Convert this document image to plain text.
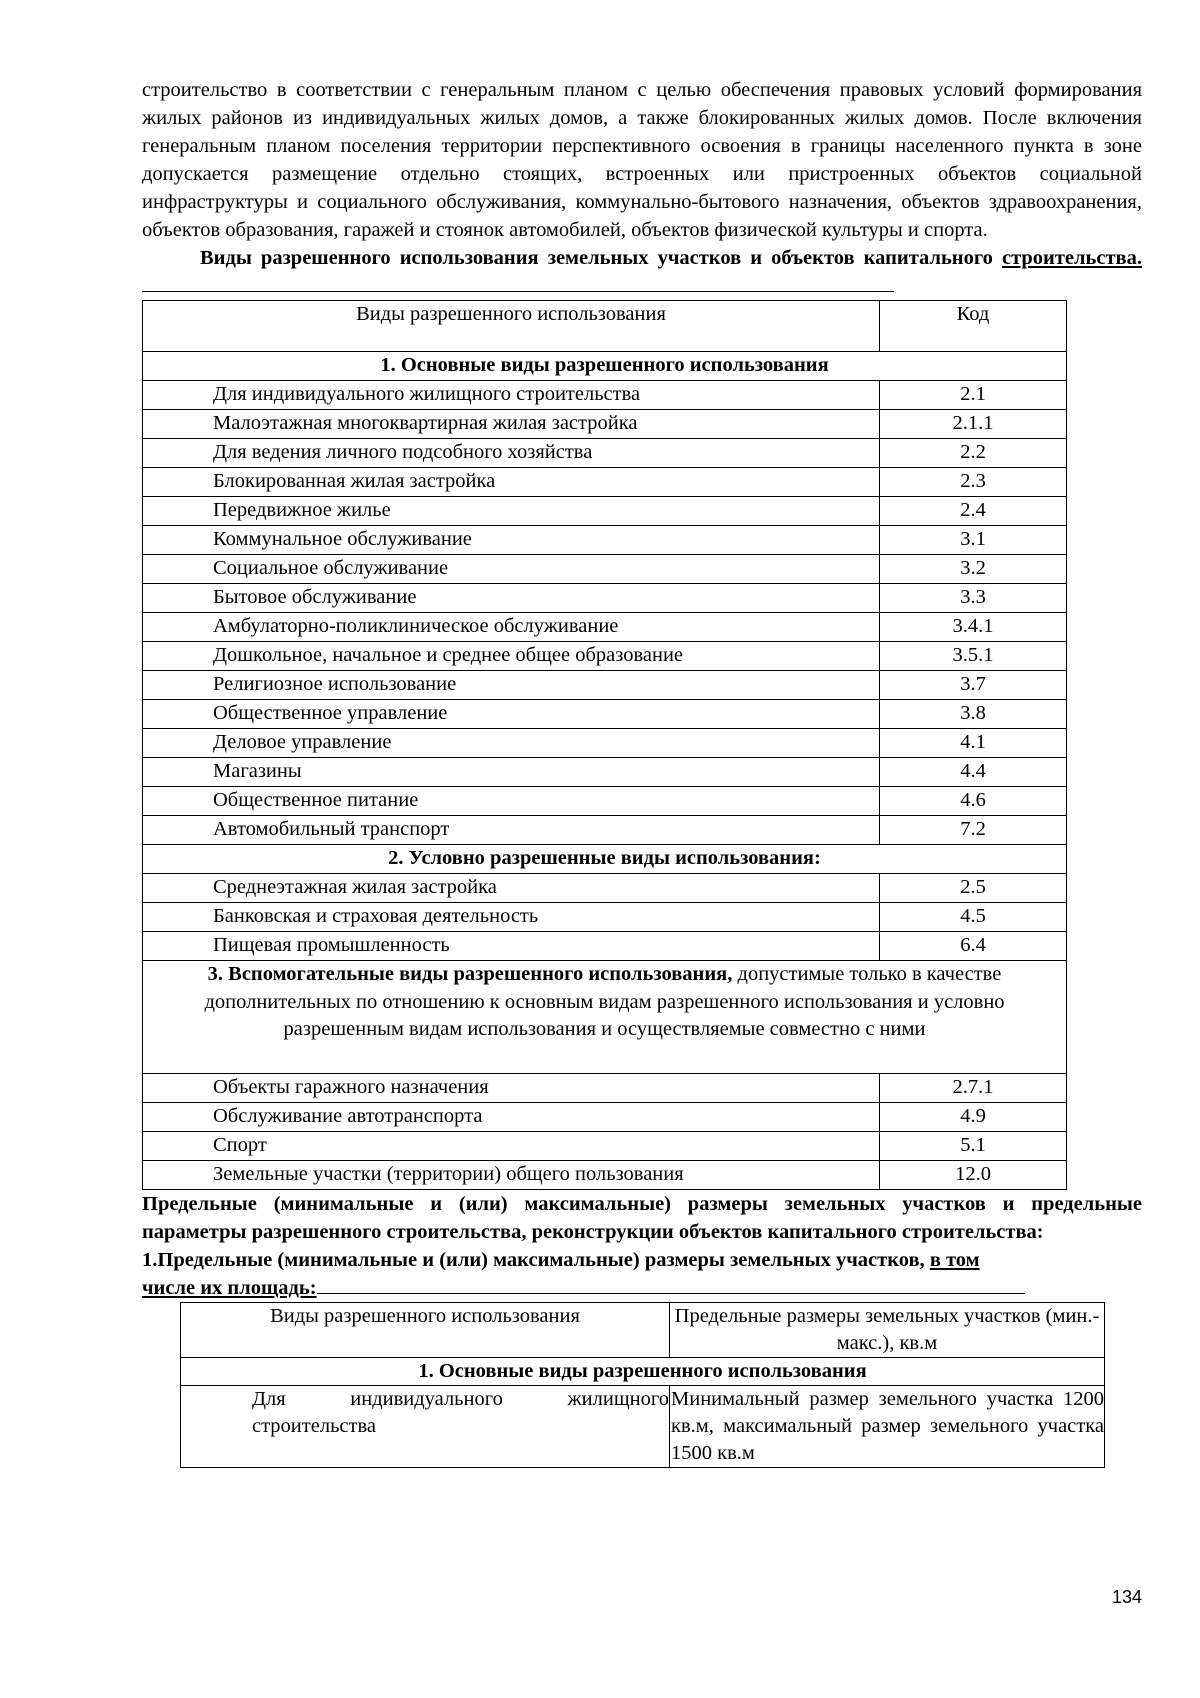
строительство в соответствии с генеральным планом с целью обеспечения правовых условий формирования жилых районов из индивидуальных жилых домов, а также блокированных жилых домов. После включения генеральным планом поселения территории перспективного освоения в границы населенного пункта в зоне допускается размещение отдельно стоящих, встроенных или пристроенных объектов социальной инфраструктуры и социального обслуживания, коммунально-бытового назначения, объектов здравоохранения, объектов образования, гаражей и стоянок автомобилей, объектов физической культуры и спорта.

Виды разрешенного использования земельных участков и объектов капитального строительства.

Виды разрешенного использования	Код
1. Основные виды разрешенного использования	
Для индивидуального жилищного строительства	2.1
Малоэтажная многоквартирная жилая застройка	2.1.1
Для ведения личного подсобного хозяйства	2.2
Блокированная жилая застройка	2.3
Передвижное жилье	2.4
Коммунальное обслуживание	3.1
Социальное обслуживание	3.2
Бытовое обслуживание	3.3
Амбулаторно-поликлиническое обслуживание	3.4.1
Дошкольное, начальное и среднее общее образование	3.5.1
Религиозное использование	3.7
Общественное управление	3.8
Деловое управление	4.1
Магазины	4.4
Общественное питание	4.6
Автомобильный транспорт	7.2
2. Условно разрешенные виды использования:	
Среднеэтажная жилая застройка	2.5
Банковская и страховая деятельность	4.5
Пищевая промышленность	6.4
3. Вспомогательные виды разрешенного использования, допустимые только в качестве дополнительных по отношению к основным видам разрешенного использования и условно разрешенным видам использования и осуществляемые совместно с ними	
Объекты гаражного назначения	2.7.1
Обслуживание автотранспорта	4.9
Спорт	5.1
Земельные участки (территории) общего пользования	12.0

Предельные (минимальные и (или) максимальные) размеры земельных участков и предельные параметры разрешенного строительства, реконструкции объектов капитального строительства:

1.Предельные (минимальные и (или) максимальные) размеры земельных участков, в том
числе их площадь:

Виды разрешенного использования	Предельные размеры земельных участков (мин.-макс.), кв.м
1. Основные виды разрешенного использования	

Для индивидуального жилищного строительства	Минимальный размер земельного участка 1200 кв.м, максимальный размер земельного участка 1500 кв.м
134
